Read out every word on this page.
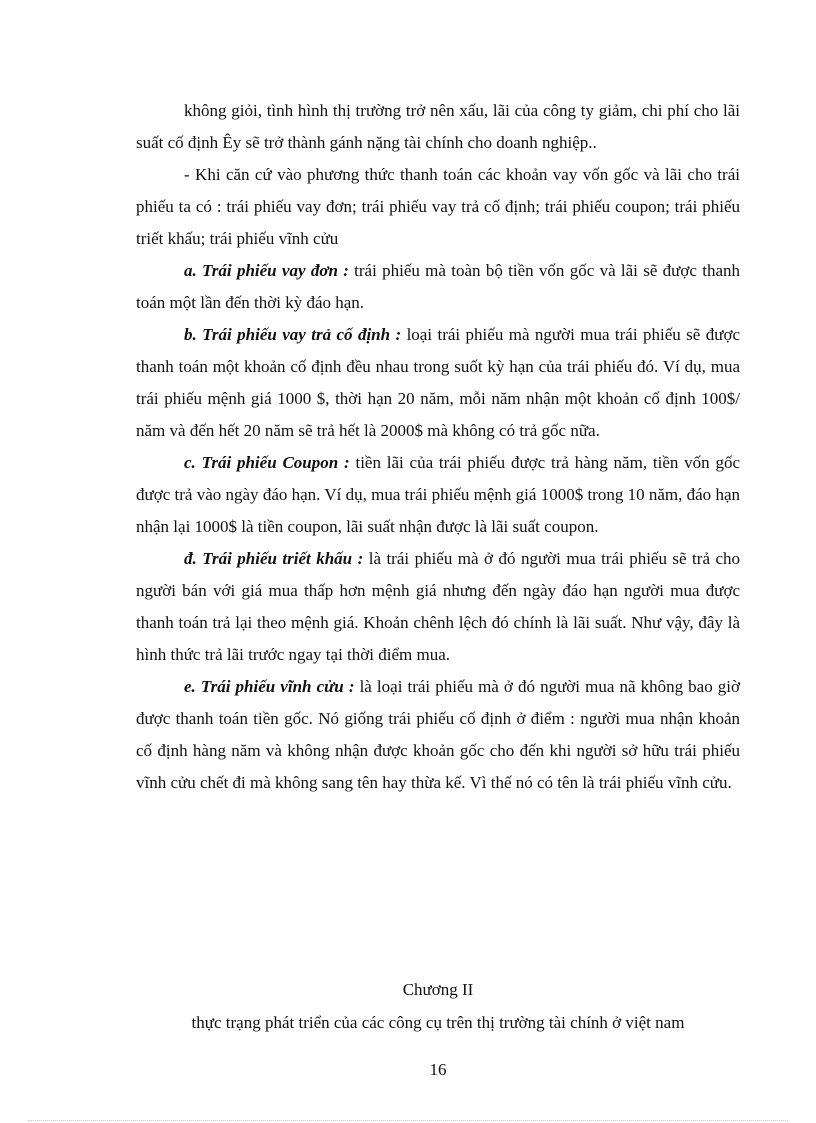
không giỏi, tình hình thị trường trở nên xấu, lãi của công ty giảm, chi phí cho lãi suất cố định Êy sẽ trở thành gánh nặng tài chính cho doanh nghiệp..

- Khi căn cứ vào phương thức thanh toán các khoản vay vốn gốc và lãi cho trái phiếu ta có : trái phiếu vay đơn; trái phiếu vay trả cố định; trái phiếu coupon; trái phiếu triết khấu; trái phiếu vĩnh cửu

a. Trái phiếu vay đơn : trái phiếu mà toàn bộ tiền vốn gốc và lãi sẽ được thanh toán một lần đến thời kỳ đáo hạn.

b. Trái phiếu vay trả cố định : loại trái phiếu mà người mua trái phiếu sẽ được thanh toán một khoản cố định đều nhau trong suốt kỳ hạn của trái phiếu đó. Ví dụ, mua trái phiếu mệnh giá 1000 $, thời hạn 20 năm, mỗi năm nhận một khoản cố định 100$/ năm và đến hết 20 năm sẽ trả hết là 2000$ mà không có trả gốc nữa.

c. Trái phiếu Coupon : tiền lãi của trái phiếu được trả hàng năm, tiền vốn gốc được trả vào ngày đáo hạn. Ví dụ, mua trái phiếu mệnh giá 1000$ trong 10 năm, đáo hạn nhận lại 1000$ là tiền coupon, lãi suất nhận được là lãi suất coupon.

đ. Trái phiếu triết khấu : là trái phiếu mà ở đó người mua trái phiếu sẽ trả cho người bán với giá mua thấp hơn mệnh giá nhưng đến ngày đáo hạn người mua được thanh toán trả lại theo mệnh giá. Khoản chênh lệch đó chính là lãi suất. Như vậy, đây là hình thức trả lãi trước ngay tại thời điểm mua.

e. Trái phiếu vĩnh cửu : là loại trái phiếu mà ở đó người mua nã không bao giờ được thanh toán tiền gốc. Nó giống trái phiếu cố định ở điểm : người mua nhận khoản cố định hàng năm và không nhận được khoản gốc cho đến khi người sở hữu trái phiếu vĩnh cửu chết đi mà không sang tên hay thừa kế. Vì thế nó có tên là trái phiếu vĩnh cửu.

Chương II
thực trạng phát triển của các công cụ trên thị trường tài chính ở việt nam
16
